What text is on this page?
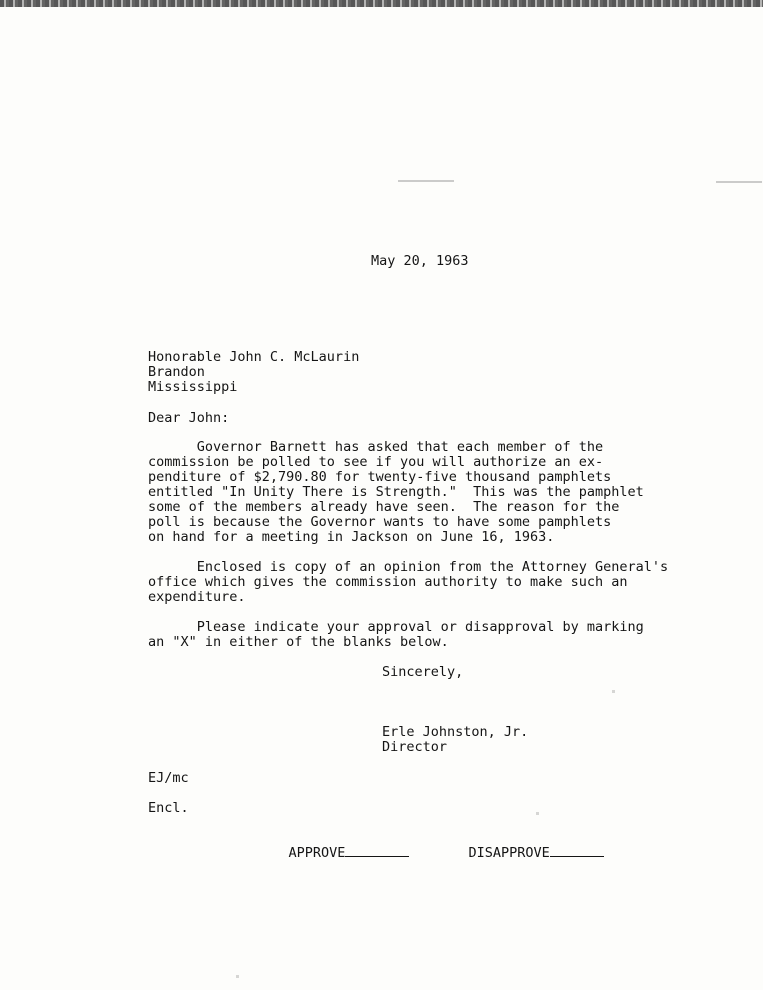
May 20, 1963
Honorable John C. McLaurin
Brandon
Mississippi
Dear John:
Governor Barnett has asked that each member of the
commission be polled to see if you will authorize an ex-
penditure of $2,790.80 for twenty-five thousand pamphlets
entitled "In Unity There is Strength."  This was the pamphlet
some of the members already have seen.  The reason for the
poll is because the Governor wants to have some pamphlets
on hand for a meeting in Jackson on June 16, 1963.
Enclosed is copy of an opinion from the Attorney General's
office which gives the commission authority to make such an
expenditure.
Please indicate your approval or disapproval by marking
an "X" in either of the blanks below.
Sincerely,
Erle Johnston, Jr.
Director
EJ/mc
Encl.

APPROVE
	DISAPPROVE
